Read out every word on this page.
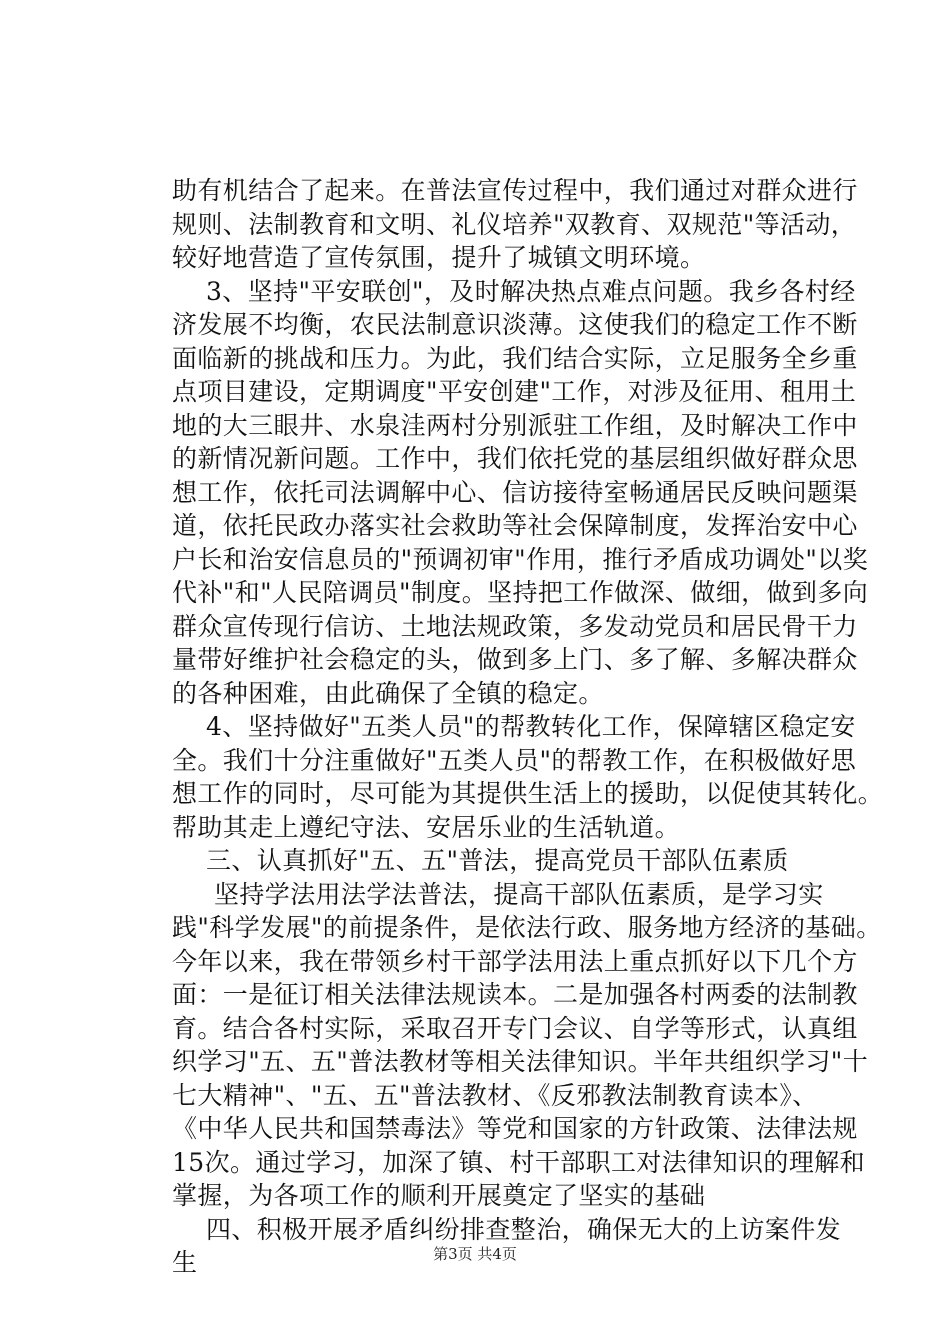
助有机结合了起来。在普法宣传过程中，我们通过对群众进行
规则、法制教育和文明、礼仪培养"双教育、双规范"等活动，
较好地营造了宣传氛围，提升了城镇文明环境。
3、坚持"平安联创"，及时解决热点难点问题。我乡各村经
济发展不均衡，农民法制意识淡薄。这使我们的稳定工作不断
面临新的挑战和压力。为此，我们结合实际，立足服务全乡重
点项目建设，定期调度"平安创建"工作，对涉及征用、租用土
地的大三眼井、水泉洼两村分别派驻工作组，及时解决工作中
的新情况新问题。工作中，我们依托党的基层组织做好群众思
想工作，依托司法调解中心、信访接待室畅通居民反映问题渠
道，依托民政办落实社会救助等社会保障制度，发挥治安中心
户长和治安信息员的"预调初审"作用，推行矛盾成功调处"以奖
代补"和"人民陪调员"制度。坚持把工作做深、做细，做到多向
群众宣传现行信访、土地法规政策，多发动党员和居民骨干力
量带好维护社会稳定的头，做到多上门、多了解、多解决群众
的各种困难，由此确保了全镇的稳定。
4、坚持做好"五类人员"的帮教转化工作，保障辖区稳定安
全。我们十分注重做好"五类人员"的帮教工作，在积极做好思
想工作的同时，尽可能为其提供生活上的援助，以促使其转化。
帮助其走上遵纪守法、安居乐业的生活轨道。
三、认真抓好"五、五"普法，提高党员干部队伍素质
坚持学法用法学法普法，提高干部队伍素质，是学习实
践"科学发展"的前提条件，是依法行政、服务地方经济的基础。
今年以来，我在带领乡村干部学法用法上重点抓好以下几个方
面：一是征订相关法律法规读本。二是加强各村两委的法制教
育。结合各村实际，采取召开专门会议、自学等形式，认真组
织学习"五、五"普法教材等相关法律知识。半年共组织学习"十
七大精神"、"五、五"普法教材、《反邪教法制教育读本》、
《中华人民共和国禁毒法》等党和国家的方针政策、法律法规
15次。通过学习，加深了镇、村干部职工对法律知识的理解和
掌握，为各项工作的顺利开展奠定了坚实的基础
四、积极开展矛盾纠纷排查整治，确保无大的上访案件发
生	第3页 共4页
